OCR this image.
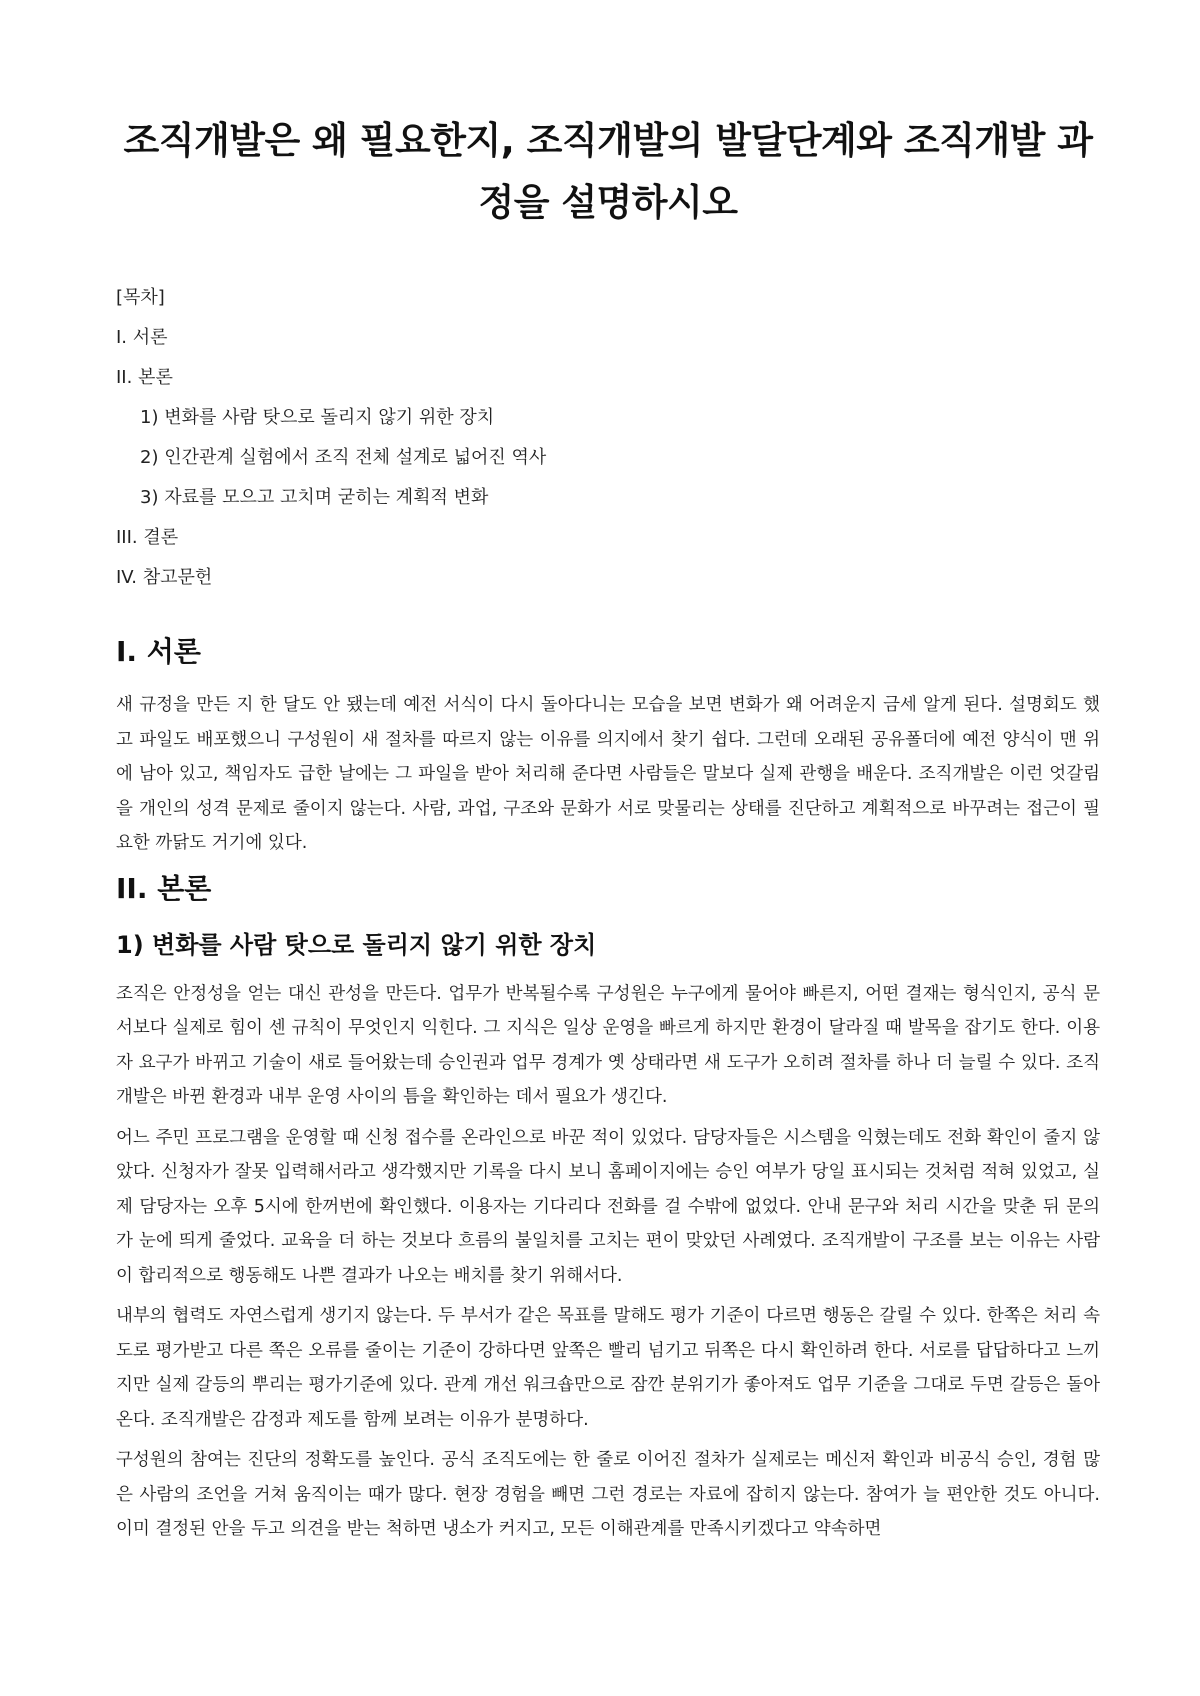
조직개발은 왜 필요한지, 조직개발의 발달단계와 조직개발 과정을 설명하시오
[목차]
I. 서론
II. 본론
1) 변화를 사람 탓으로 돌리지 않기 위한 장치
2) 인간관계 실험에서 조직 전체 설계로 넓어진 역사
3) 자료를 모으고 고치며 굳히는 계획적 변화
III. 결론
IV. 참고문헌
I. 서론

새 규정을 만든 지 한 달도 안 됐는데 예전 서식이 다시 돌아다니는 모습을 보면 변화가 왜 어려운지 금세 알게 된다. 설명회도 했고 파일도 배포했으니 구성원이 새 절차를 따르지 않는 이유를 의지에서 찾기 쉽다. 그런데 오래된 공유폴더에 예전 양식이 맨 위에 남아 있고, 책임자도 급한 날에는 그 파일을 받아 처리해 준다면 사람들은 말보다 실제 관행을 배운다. 조직개발은 이런 엇갈림을 개인의 성격 문제로 줄이지 않는다. 사람, 과업, 구조와 문화가 서로 맞물리는 상태를 진단하고 계획적으로 바꾸려는 접근이 필요한 까닭도 거기에 있다.

II. 본론
1) 변화를 사람 탓으로 돌리지 않기 위한 장치

조직은 안정성을 얻는 대신 관성을 만든다. 업무가 반복될수록 구성원은 누구에게 물어야 빠른지, 어떤 결재는 형식인지, 공식 문서보다 실제로 힘이 센 규칙이 무엇인지 익힌다. 그 지식은 일상 운영을 빠르게 하지만 환경이 달라질 때 발목을 잡기도 한다. 이용자 요구가 바뀌고 기술이 새로 들어왔는데 승인권과 업무 경계가 옛 상태라면 새 도구가 오히려 절차를 하나 더 늘릴 수 있다. 조직개발은 바뀐 환경과 내부 운영 사이의 틈을 확인하는 데서 필요가 생긴다.

어느 주민 프로그램을 운영할 때 신청 접수를 온라인으로 바꾼 적이 있었다. 담당자들은 시스템을 익혔는데도 전화 확인이 줄지 않았다. 신청자가 잘못 입력해서라고 생각했지만 기록을 다시 보니 홈페이지에는 승인 여부가 당일 표시되는 것처럼 적혀 있었고, 실제 담당자는 오후 5시에 한꺼번에 확인했다. 이용자는 기다리다 전화를 걸 수밖에 없었다. 안내 문구와 처리 시간을 맞춘 뒤 문의가 눈에 띄게 줄었다. 교육을 더 하는 것보다 흐름의 불일치를 고치는 편이 맞았던 사례였다. 조직개발이 구조를 보는 이유는 사람이 합리적으로 행동해도 나쁜 결과가 나오는 배치를 찾기 위해서다.

내부의 협력도 자연스럽게 생기지 않는다. 두 부서가 같은 목표를 말해도 평가 기준이 다르면 행동은 갈릴 수 있다. 한쪽은 처리 속도로 평가받고 다른 쪽은 오류를 줄이는 기준이 강하다면 앞쪽은 빨리 넘기고 뒤쪽은 다시 확인하려 한다. 서로를 답답하다고 느끼지만 실제 갈등의 뿌리는 평가기준에 있다. 관계 개선 워크숍만으로 잠깐 분위기가 좋아져도 업무 기준을 그대로 두면 갈등은 돌아온다. 조직개발은 감정과 제도를 함께 보려는 이유가 분명하다.

구성원의 참여는 진단의 정확도를 높인다. 공식 조직도에는 한 줄로 이어진 절차가 실제로는 메신저 확인과 비공식 승인, 경험 많은 사람의 조언을 거쳐 움직이는 때가 많다. 현장 경험을 빼면 그런 경로는 자료에 잡히지 않는다. 참여가 늘 편안한 것도 아니다. 이미 결정된 안을 두고 의견을 받는 척하면 냉소가 커지고, 모든 이해관계를 만족시키겠다고 약속하면
